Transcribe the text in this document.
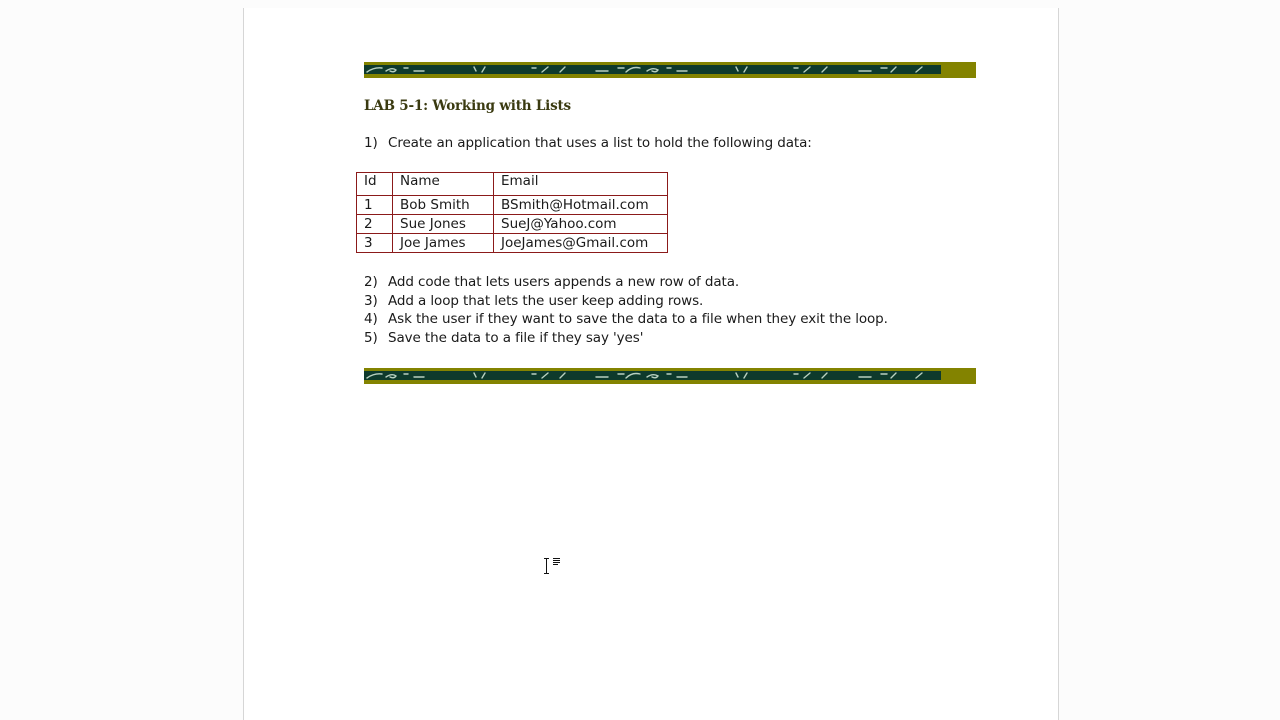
LAB 5-1: Working with Lists
1) Create an application that uses a list to hold the following data:
Id	Name	Email
1	Bob Smith	BSmith@Hotmail.com
2	Sue Jones	SueJ@Yahoo.com
3	Joe James	JoeJames@Gmail.com
2) Add code that lets users appends a new row of data.
3) Add a loop that lets the user keep adding rows.
4) Ask the user if they want to save the data to a file when they exit the loop.
5) Save the data to a file if they say 'yes'
